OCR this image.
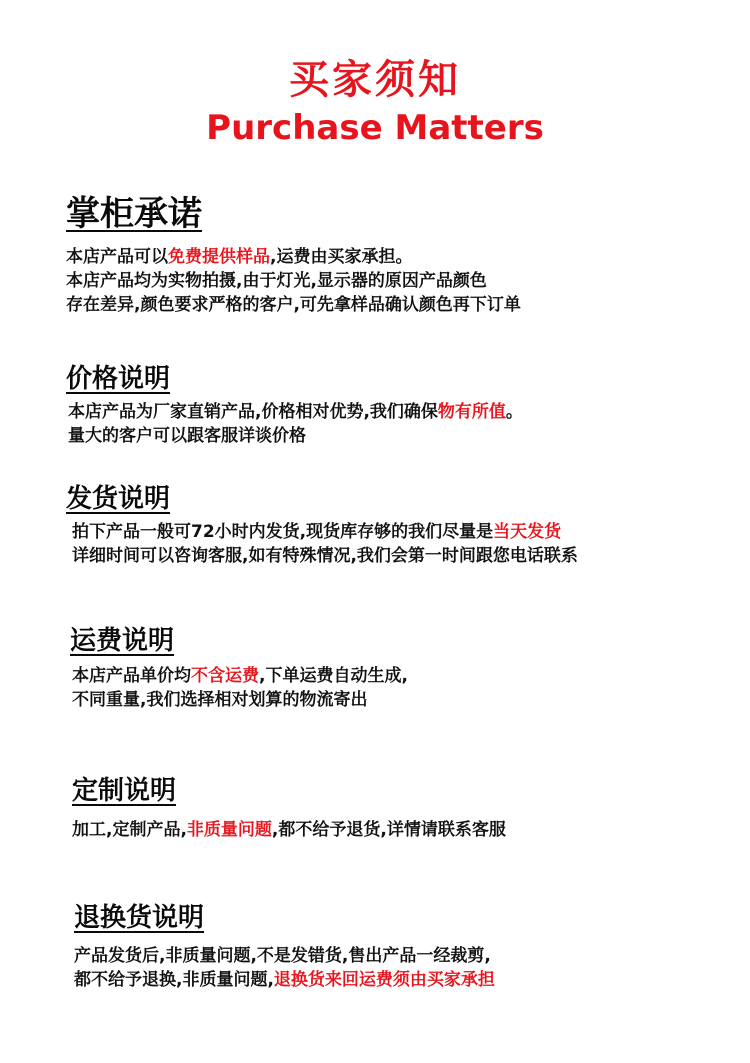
买家须知
Purchase Matters
掌柜承诺
本店产品可以免费提供样品,运费由买家承担。
本店产品均为实物拍摄,由于灯光,显示器的原因产品颜色
存在差异,颜色要求严格的客户,可先拿样品确认颜色再下订单
价格说明
本店产品为厂家直销产品,价格相对优势,我们确保物有所值。
量大的客户可以跟客服详谈价格
发货说明
拍下产品一般可72小时内发货,现货库存够的我们尽量是当天发货
详细时间可以咨询客服,如有特殊情况,我们会第一时间跟您电话联系
运费说明
本店产品单价均不含运费,下单运费自动生成,
不同重量,我们选择相对划算的物流寄出
定制说明
加工,定制产品,非质量问题,都不给予退货,详情请联系客服
退换货说明
产品发货后,非质量问题,不是发错货,售出产品一经裁剪,
都不给予退换,非质量问题,退换货来回运费须由买家承担
